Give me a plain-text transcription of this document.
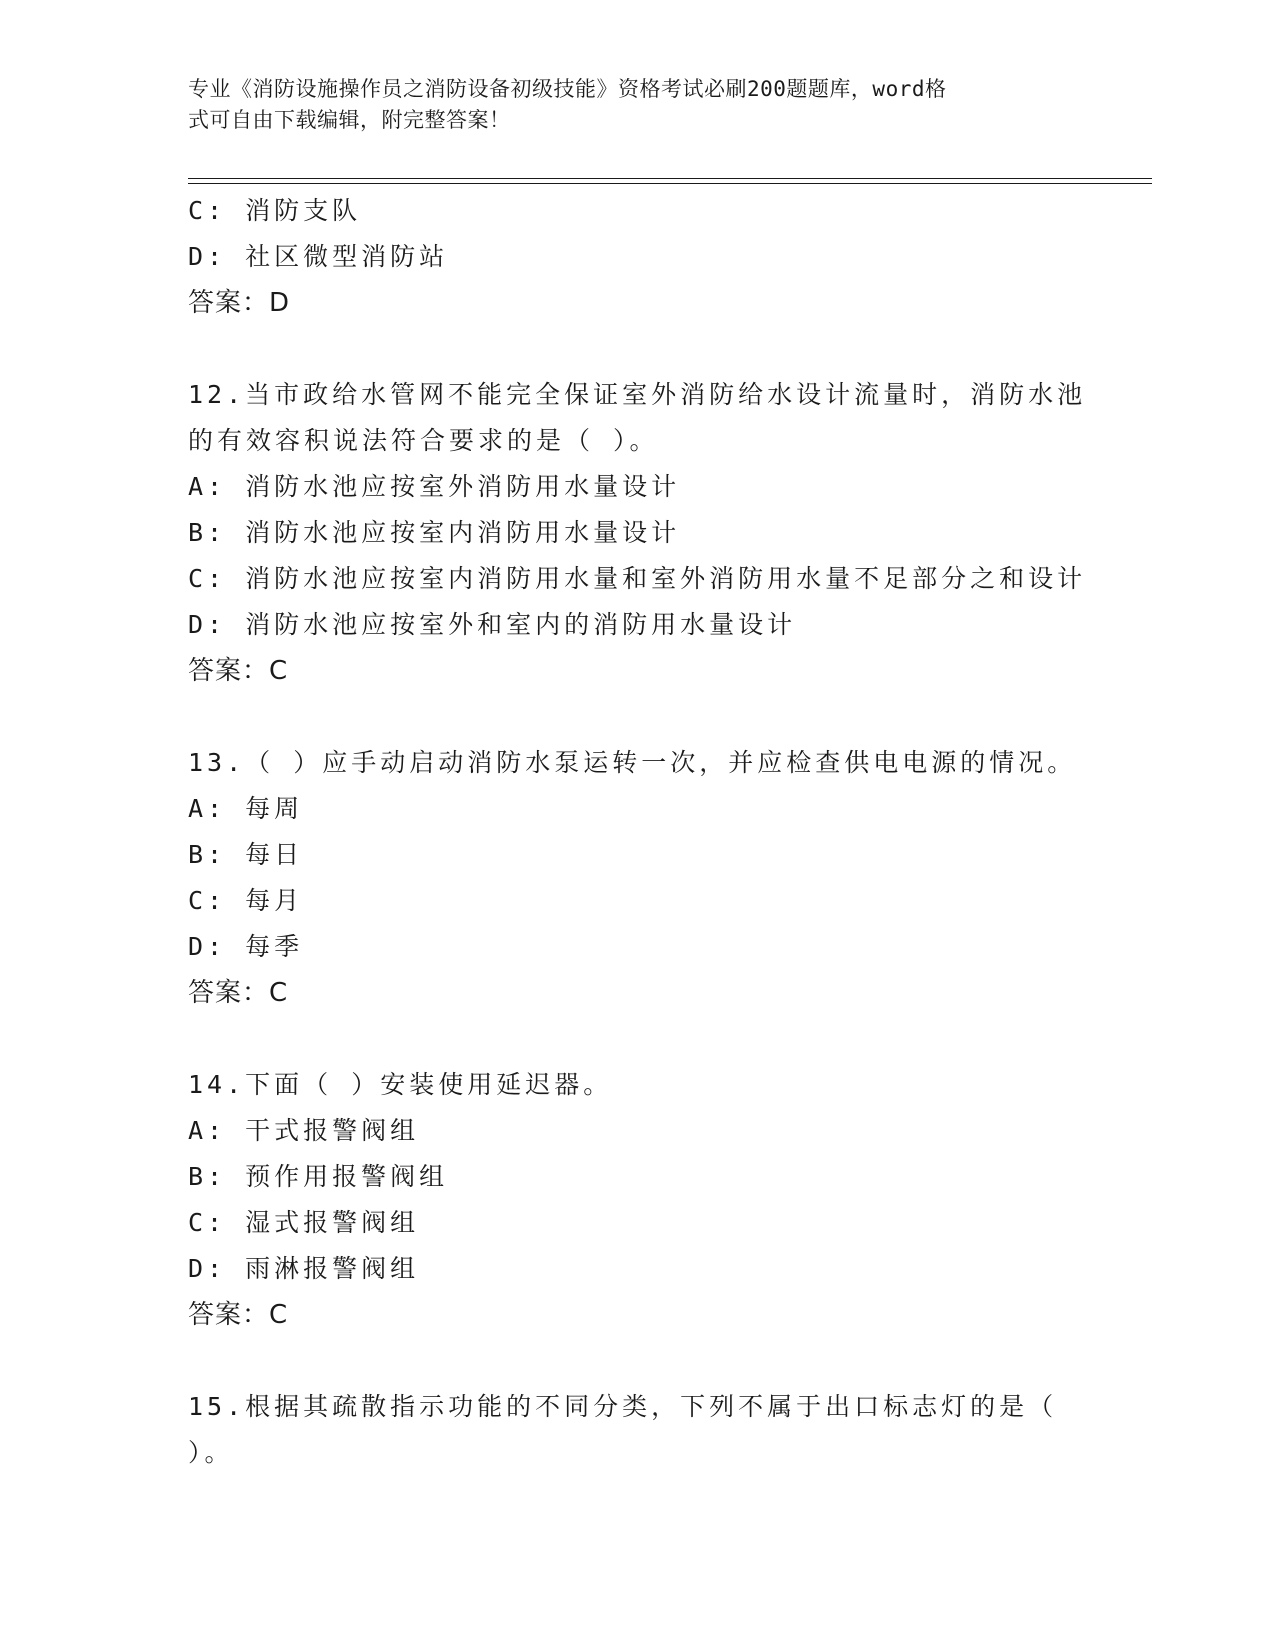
专业《消防设施操作员之消防设备初级技能》资格考试必刷200题题库，word格
式可自由下载编辑，附完整答案！
C: 消防支队
D: 社区微型消防站
答案：D
12.当市政给水管网不能完全保证室外消防给水设计流量时，消防水池
的有效容积说法符合要求的是（ ）。
A: 消防水池应按室外消防用水量设计
B: 消防水池应按室内消防用水量设计
C: 消防水池应按室内消防用水量和室外消防用水量不足部分之和设计
D: 消防水池应按室外和室内的消防用水量设计
答案：C
13.（ ）应手动启动消防水泵运转一次，并应检查供电电源的情况。
A: 每周
B: 每日
C: 每月
D: 每季
答案：C
14.下面（ ）安装使用延迟器。
A: 干式报警阀组
B: 预作用报警阀组
C: 湿式报警阀组
D: 雨淋报警阀组
答案：C
15.根据其疏散指示功能的不同分类，下列不属于出口标志灯的是（
）。
